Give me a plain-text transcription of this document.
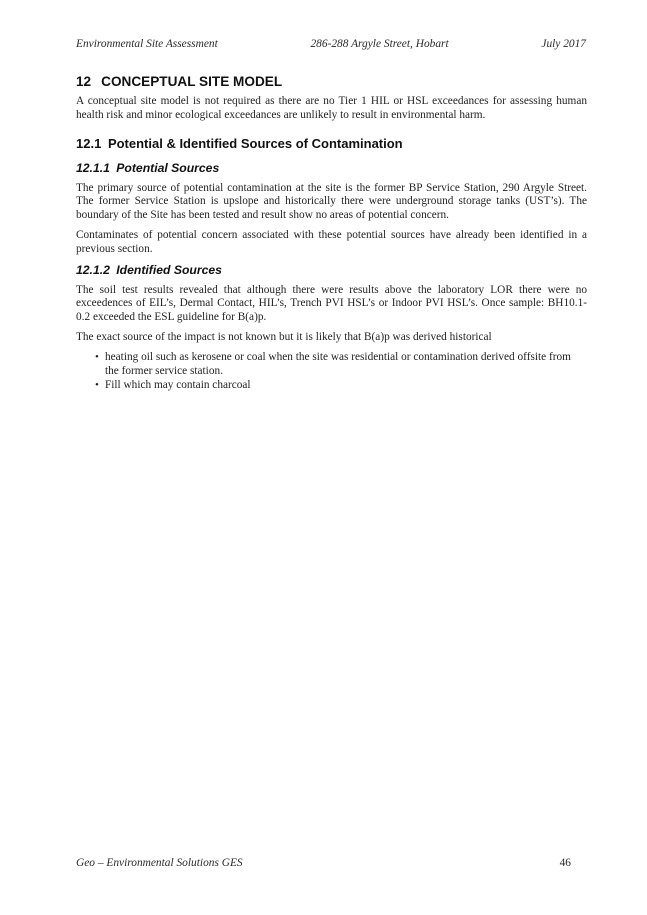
Environmental Site Assessment	286-288 Argyle Street, Hobart	July 2017
12 CONCEPTUAL SITE MODEL

A conceptual site model is not required as there are no Tier 1 HIL or HSL exceedances for assessing human health risk and minor ecological exceedances are unlikely to result in environmental harm.

12.1 Potential & Identified Sources of Contamination
12.1.1 Potential Sources

The primary source of potential contamination at the site is the former BP Service Station, 290 Argyle Street. The former Service Station is upslope and historically there were underground storage tanks (UST’s). The boundary of the Site has been tested and result show no areas of potential concern.

Contaminates of potential concern associated with these potential sources have already been identified in a previous section.

12.1.2 Identified Sources

The soil test results revealed that although there were results above the laboratory LOR there were no exceedences of EIL’s, Dermal Contact, HIL’s, Trench PVI HSL’s or Indoor PVI HSL’s. Once sample: BH10.1-0.2 exceeded the ESL guideline for B(a)p.

The exact source of the impact is not known but it is likely that B(a)p was derived historical

• heating oil such as kerosene or coal when the site was residential or contamination derived offsite from the former service station.
• Fill which may contain charcoal
Geo – Environmental Solutions GES	46
